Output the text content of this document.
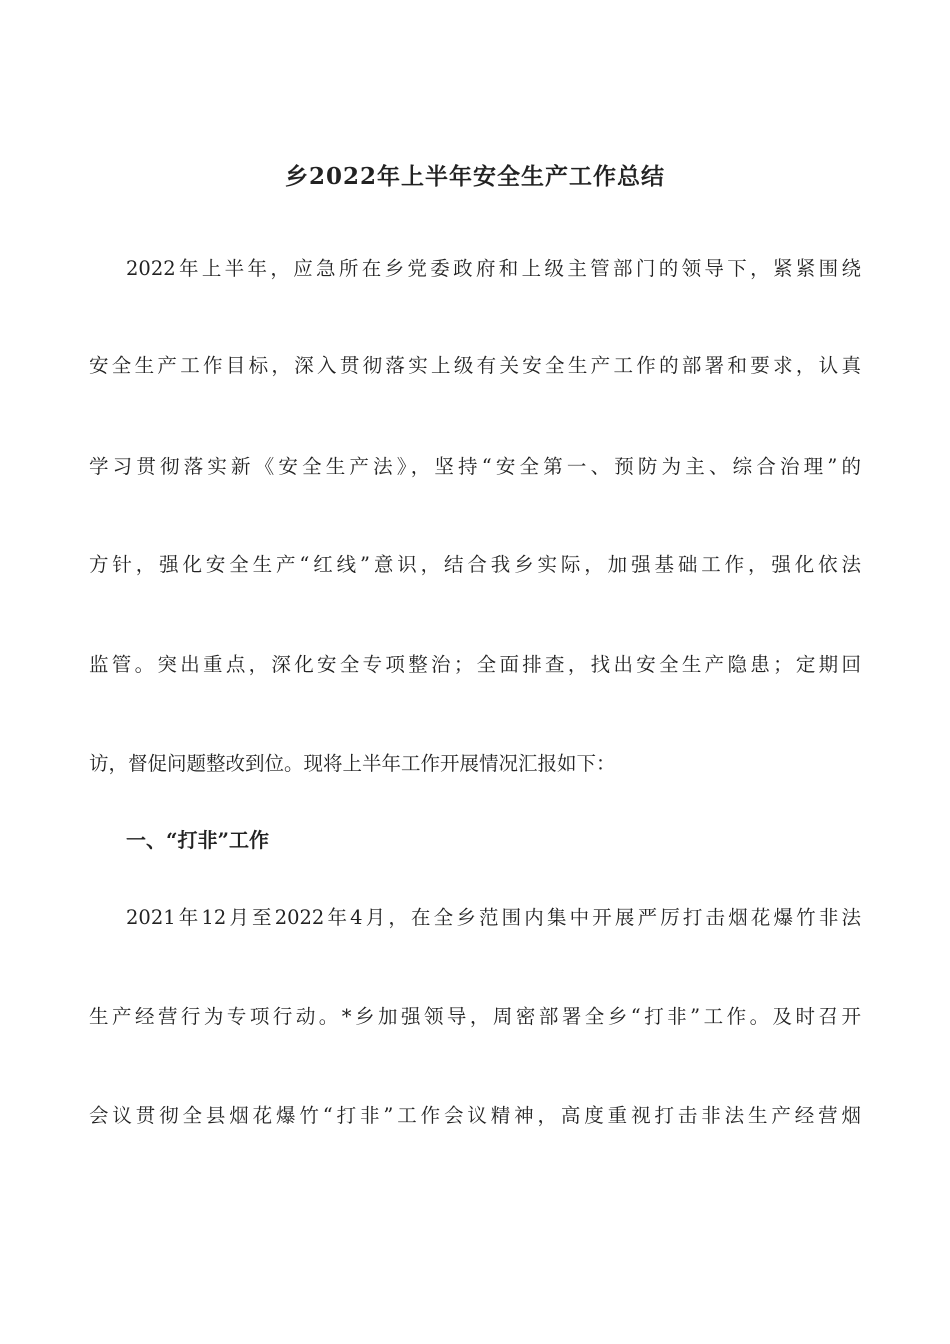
乡2022年上半年安全生产工作总结
2022年上半年，应急所在乡党委政府和上级主管部门的领导下，紧紧围绕
安全生产工作目标，深入贯彻落实上级有关安全生产工作的部署和要求，认真
学习贯彻落实新《安全生产法》，坚持“安全第一、预防为主、综合治理”的
方针，强化安全生产“红线”意识，结合我乡实际，加强基础工作，强化依法
监管。突出重点，深化安全专项整治；全面排查，找出安全生产隐患；定期回
访，督促问题整改到位。现将上半年工作开展情况汇报如下：
一、“打非”工作
2021年12月至2022年4月，在全乡范围内集中开展严厉打击烟花爆竹非法
生产经营行为专项行动。*乡加强领导，周密部署全乡“打非”工作。及时召开
会议贯彻全县烟花爆竹“打非”工作会议精神，高度重视打击非法生产经营烟
